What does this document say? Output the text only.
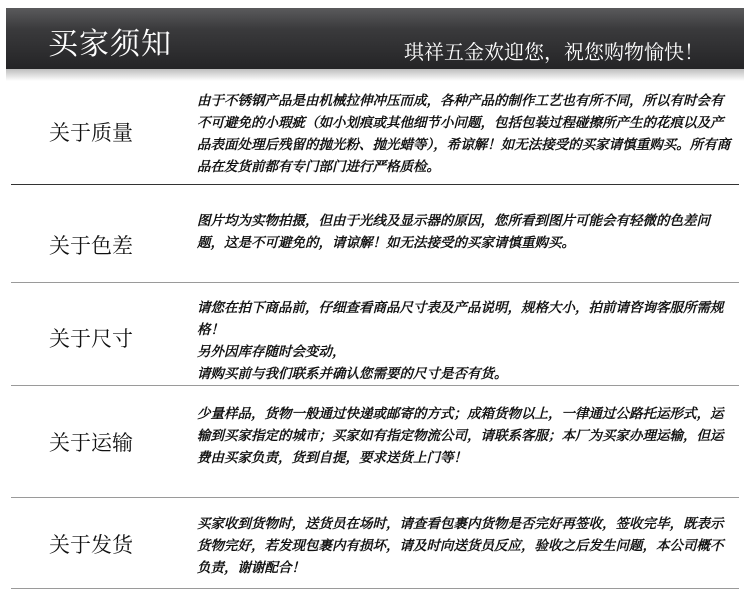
买家须知	琪祥五金欢迎您，祝您购物愉快！
关于质量
由于不锈钢产品是由机械拉伸冲压而成，各种产品的制作工艺也有所不同，所以有时会有不可避免的小瑕疵（如小划痕或其他细节小问题，包括包装过程碰擦所产生的花痕以及产品表面处理后残留的抛光粉、抛光蜡等），希谅解！如无法接受的买家请慎重购买。所有商品在发货前都有专门部门进行严格质检。
关于色差
图片均为实物拍摄，但由于光线及显示器的原因，您所看到图片可能会有轻微的色差问题，这是不可避免的，请谅解！如无法接受的买家请慎重购买。
关于尺寸
请您在拍下商品前，仔细查看商品尺寸表及产品说明，规格大小，拍前请咨询客服所需规格！
另外因库存随时会变动，
请购买前与我们联系并确认您需要的尺寸是否有货。
关于运输
少量样品，货物一般通过快递或邮寄的方式；成箱货物以上，一律通过公路托运形式，运输到买家指定的城市；买家如有指定物流公司，请联系客服；本厂为买家办理运输，但运费由买家负责，货到自提，要求送货上门等！
关于发货
买家收到货物时，送货员在场时，请查看包裹内货物是否完好再签收，签收完毕，既表示货物完好，若发现包裹内有损坏，请及时向送货员反应，验收之后发生问题，本公司概不负责，谢谢配合！
